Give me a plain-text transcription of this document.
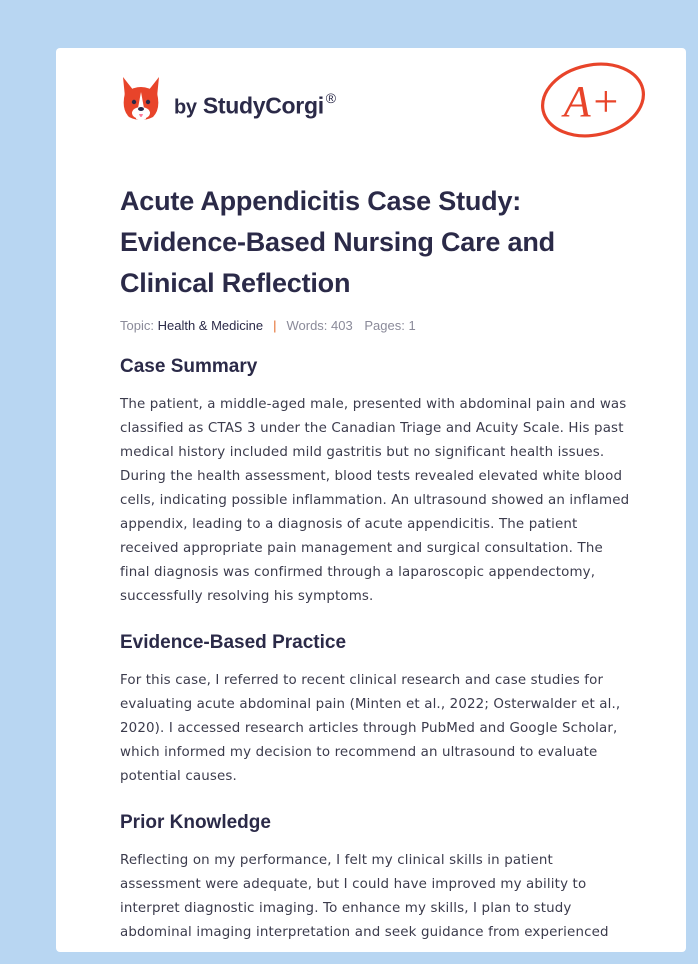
by StudyCorgi ®	A+
Acute Appendicitis Case Study: Evidence-Based Nursing Care and Clinical Reflection
Topic: Health & Medicine | Words: 403 Pages: 1
Case Summary

The patient, a middle-aged male, presented with abdominal pain and was classified as CTAS 3 under the Canadian Triage and Acuity Scale. His past medical history included mild gastritis but no significant health issues. During the health assessment, blood tests revealed elevated white blood cells, indicating possible inflammation. An ultrasound showed an inflamed appendix, leading to a diagnosis of acute appendicitis. The patient received appropriate pain management and surgical consultation. The final diagnosis was confirmed through a laparoscopic appendectomy, successfully resolving his symptoms.

Evidence-Based Practice

For this case, I referred to recent clinical research and case studies for evaluating acute abdominal pain (Minten et al., 2022; Osterwalder et al., 2020). I accessed research articles through PubMed and Google Scholar, which informed my decision to recommend an ultrasound to evaluate potential causes.

Prior Knowledge

Reflecting on my performance, I felt my clinical skills in patient assessment were adequate, but I could have improved my ability to interpret diagnostic imaging. To enhance my skills, I plan to study abdominal imaging interpretation and seek guidance from experienced
